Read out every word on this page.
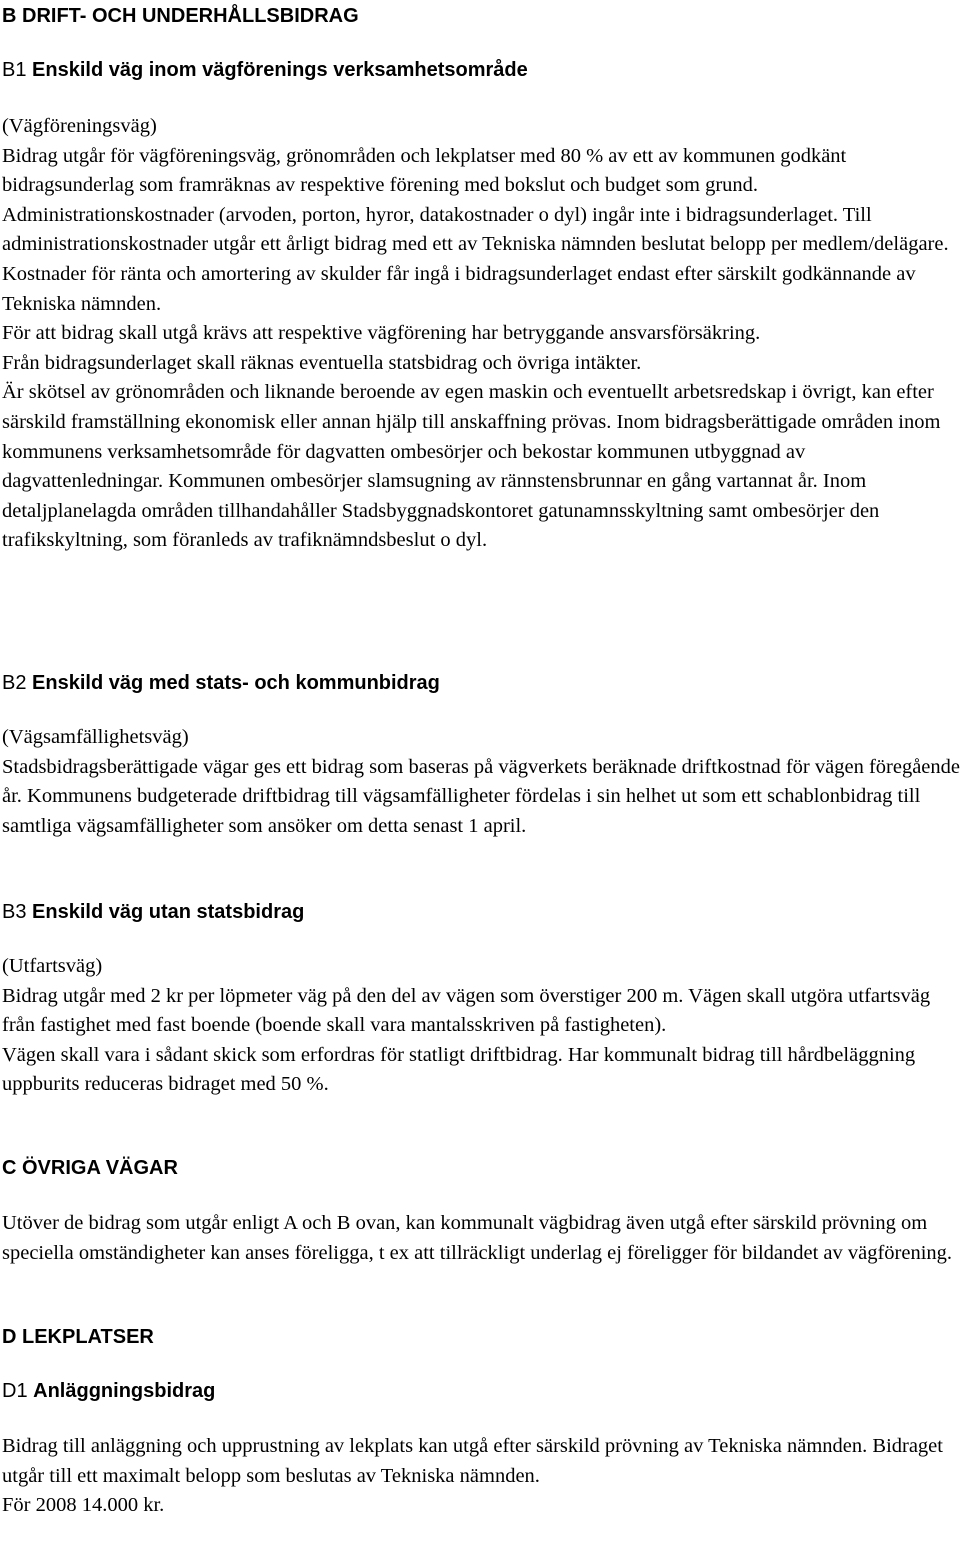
B DRIFT- OCH UNDERHÅLLSBIDRAG
B1 Enskild väg inom vägförenings verksamhetsområde

(Vägföreningsväg)

Bidrag utgår för vägföreningsväg, grönområden och lekplatser med 80 % av ett av kommunen godkänt bidragsunderlag som framräknas av respektive förening med bokslut och budget som grund.

Administrationskostnader (arvoden, porton, hyror, datakostnader o dyl) ingår inte i bidragsunderlaget. Till administrationskostnader utgår ett årligt bidrag med ett av Tekniska nämnden beslutat belopp per medlem/delägare.

Kostnader för ränta och amortering av skulder får ingå i bidragsunderlaget endast efter särskilt godkännande av Tekniska nämnden.

För att bidrag skall utgå krävs att respektive vägförening har betryggande ansvarsförsäkring.

Från bidragsunderlaget skall räknas eventuella statsbidrag och övriga intäkter.

Är skötsel av grönområden och liknande beroende av egen maskin och eventuellt arbetsredskap i övrigt, kan efter särskild framställning ekonomisk eller annan hjälp till anskaffning prövas. Inom bidragsberättigade områden inom kommunens verksamhetsområde för dagvatten ombesörjer och bekostar kommunen utbyggnad av dagvattenledningar. Kommunen ombesörjer slamsugning av rännstensbrunnar en gång vartannat år. Inom detaljplanelagda områden tillhandahåller Stadsbyggnadskontoret gatunamnsskyltning samt ombesörjer den trafikskyltning, som föranleds av trafiknämndsbeslut o dyl.

B2 Enskild väg med stats- och kommunbidrag

(Vägsamfällighetsväg)

Stadsbidragsberättigade vägar ges ett bidrag som baseras på vägverkets beräknade driftkostnad för vägen föregående år. Kommunens budgeterade driftbidrag till vägsamfälligheter fördelas i sin helhet ut som ett schablonbidrag till samtliga vägsamfälligheter som ansöker om detta senast 1 april.

B3 Enskild väg utan statsbidrag

(Utfartsväg)

Bidrag utgår med 2 kr per löpmeter väg på den del av vägen som överstiger 200 m. Vägen skall utgöra utfartsväg från fastighet med fast boende (boende skall vara mantalsskriven på fastigheten).

Vägen skall vara i sådant skick som erfordras för statligt driftbidrag. Har kommunalt bidrag till hårdbeläggning uppburits reduceras bidraget med 50 %.

C ÖVRIGA VÄGAR

Utöver de bidrag som utgår enligt A och B ovan, kan kommunalt vägbidrag även utgå efter särskild prövning om speciella omständigheter kan anses föreligga, t ex att tillräckligt underlag ej föreligger för bildandet av vägförening.

D LEKPLATSER
D1 Anläggningsbidrag

Bidrag till anläggning och upprustning av lekplats kan utgå efter särskild prövning av Tekniska nämnden. Bidraget utgår till ett maximalt belopp som beslutas av Tekniska nämnden.

För 2008 14.000 kr.
